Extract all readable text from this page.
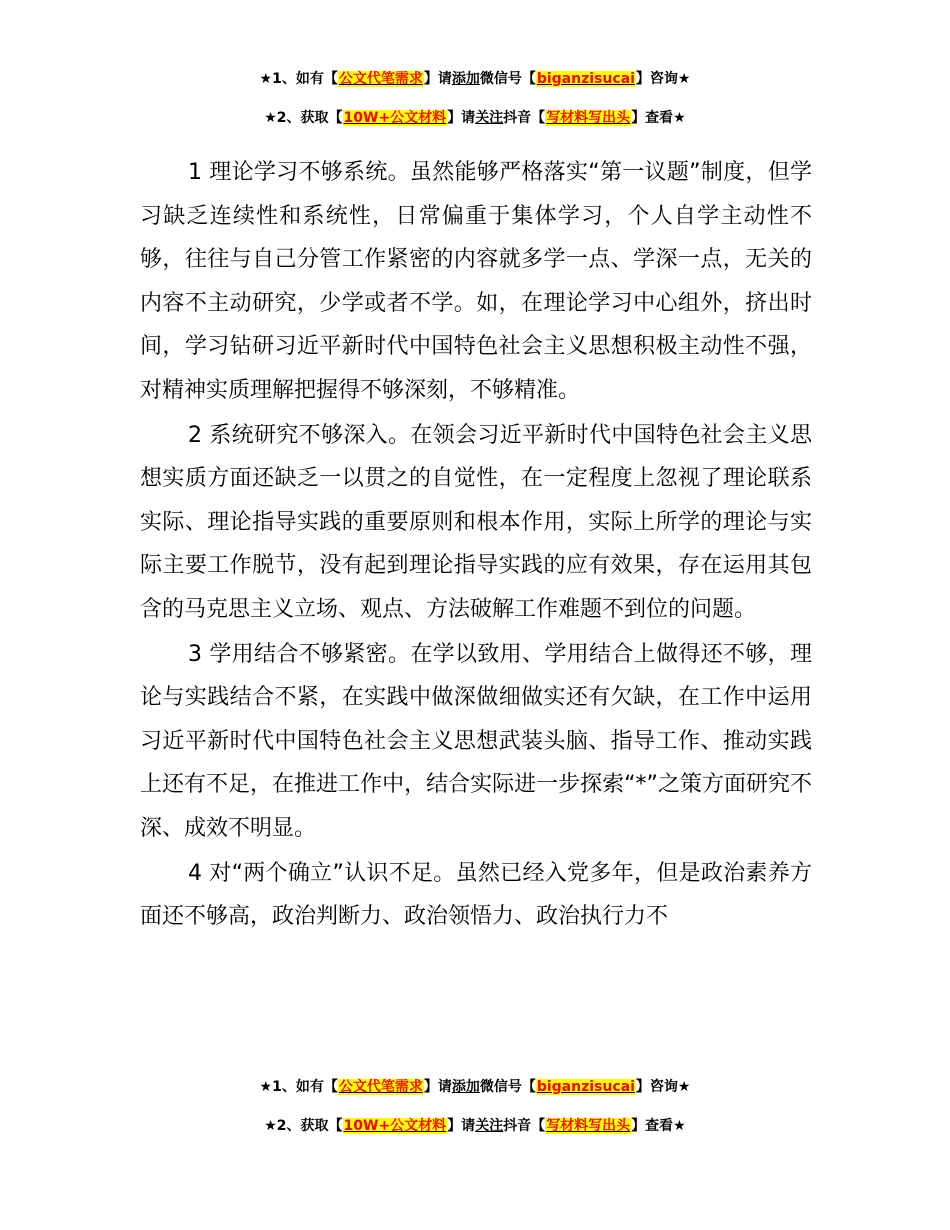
★1、如有【公文代笔需求】请添加微信号【biganzisucai】咨询★
★2、获取【10W+公文材料】请关注抖音【写材料写出头】查看★

1 理论学习不够系统。虽然能够严格落实“第一议题”制度，但学习缺乏连续性和系统性，日常偏重于集体学习，个人自学主动性不够，往往与自己分管工作紧密的内容就多学一点、学深一点，无关的内容不主动研究，少学或者不学。如，在理论学习中心组外，挤出时间，学习钻研习近平新时代中国特色社会主义思想积极主动性不强，对精神实质理解把握得不够深刻，不够精准。

2 系统研究不够深入。在领会习近平新时代中国特色社会主义思想实质方面还缺乏一以贯之的自觉性，在一定程度上忽视了理论联系实际、理论指导实践的重要原则和根本作用，实际上所学的理论与实际主要工作脱节，没有起到理论指导实践的应有效果，存在运用其包含的马克思主义立场、观点、方法破解工作难题不到位的问题。

3 学用结合不够紧密。在学以致用、学用结合上做得还不够，理论与实践结合不紧，在实践中做深做细做实还有欠缺，在工作中运用习近平新时代中国特色社会主义思想武装头脑、指导工作、推动实践上还有不足，在推进工作中，结合实际进一步探索“*”之策方面研究不深、成效不明显。

4 对“两个确立”认识不足。虽然已经入党多年，但是政治素养方面还不够高，政治判断力、政治领悟力、政治执行力不

★1、如有【公文代笔需求】请添加微信号【biganzisucai】咨询★
★2、获取【10W+公文材料】请关注抖音【写材料写出头】查看★
